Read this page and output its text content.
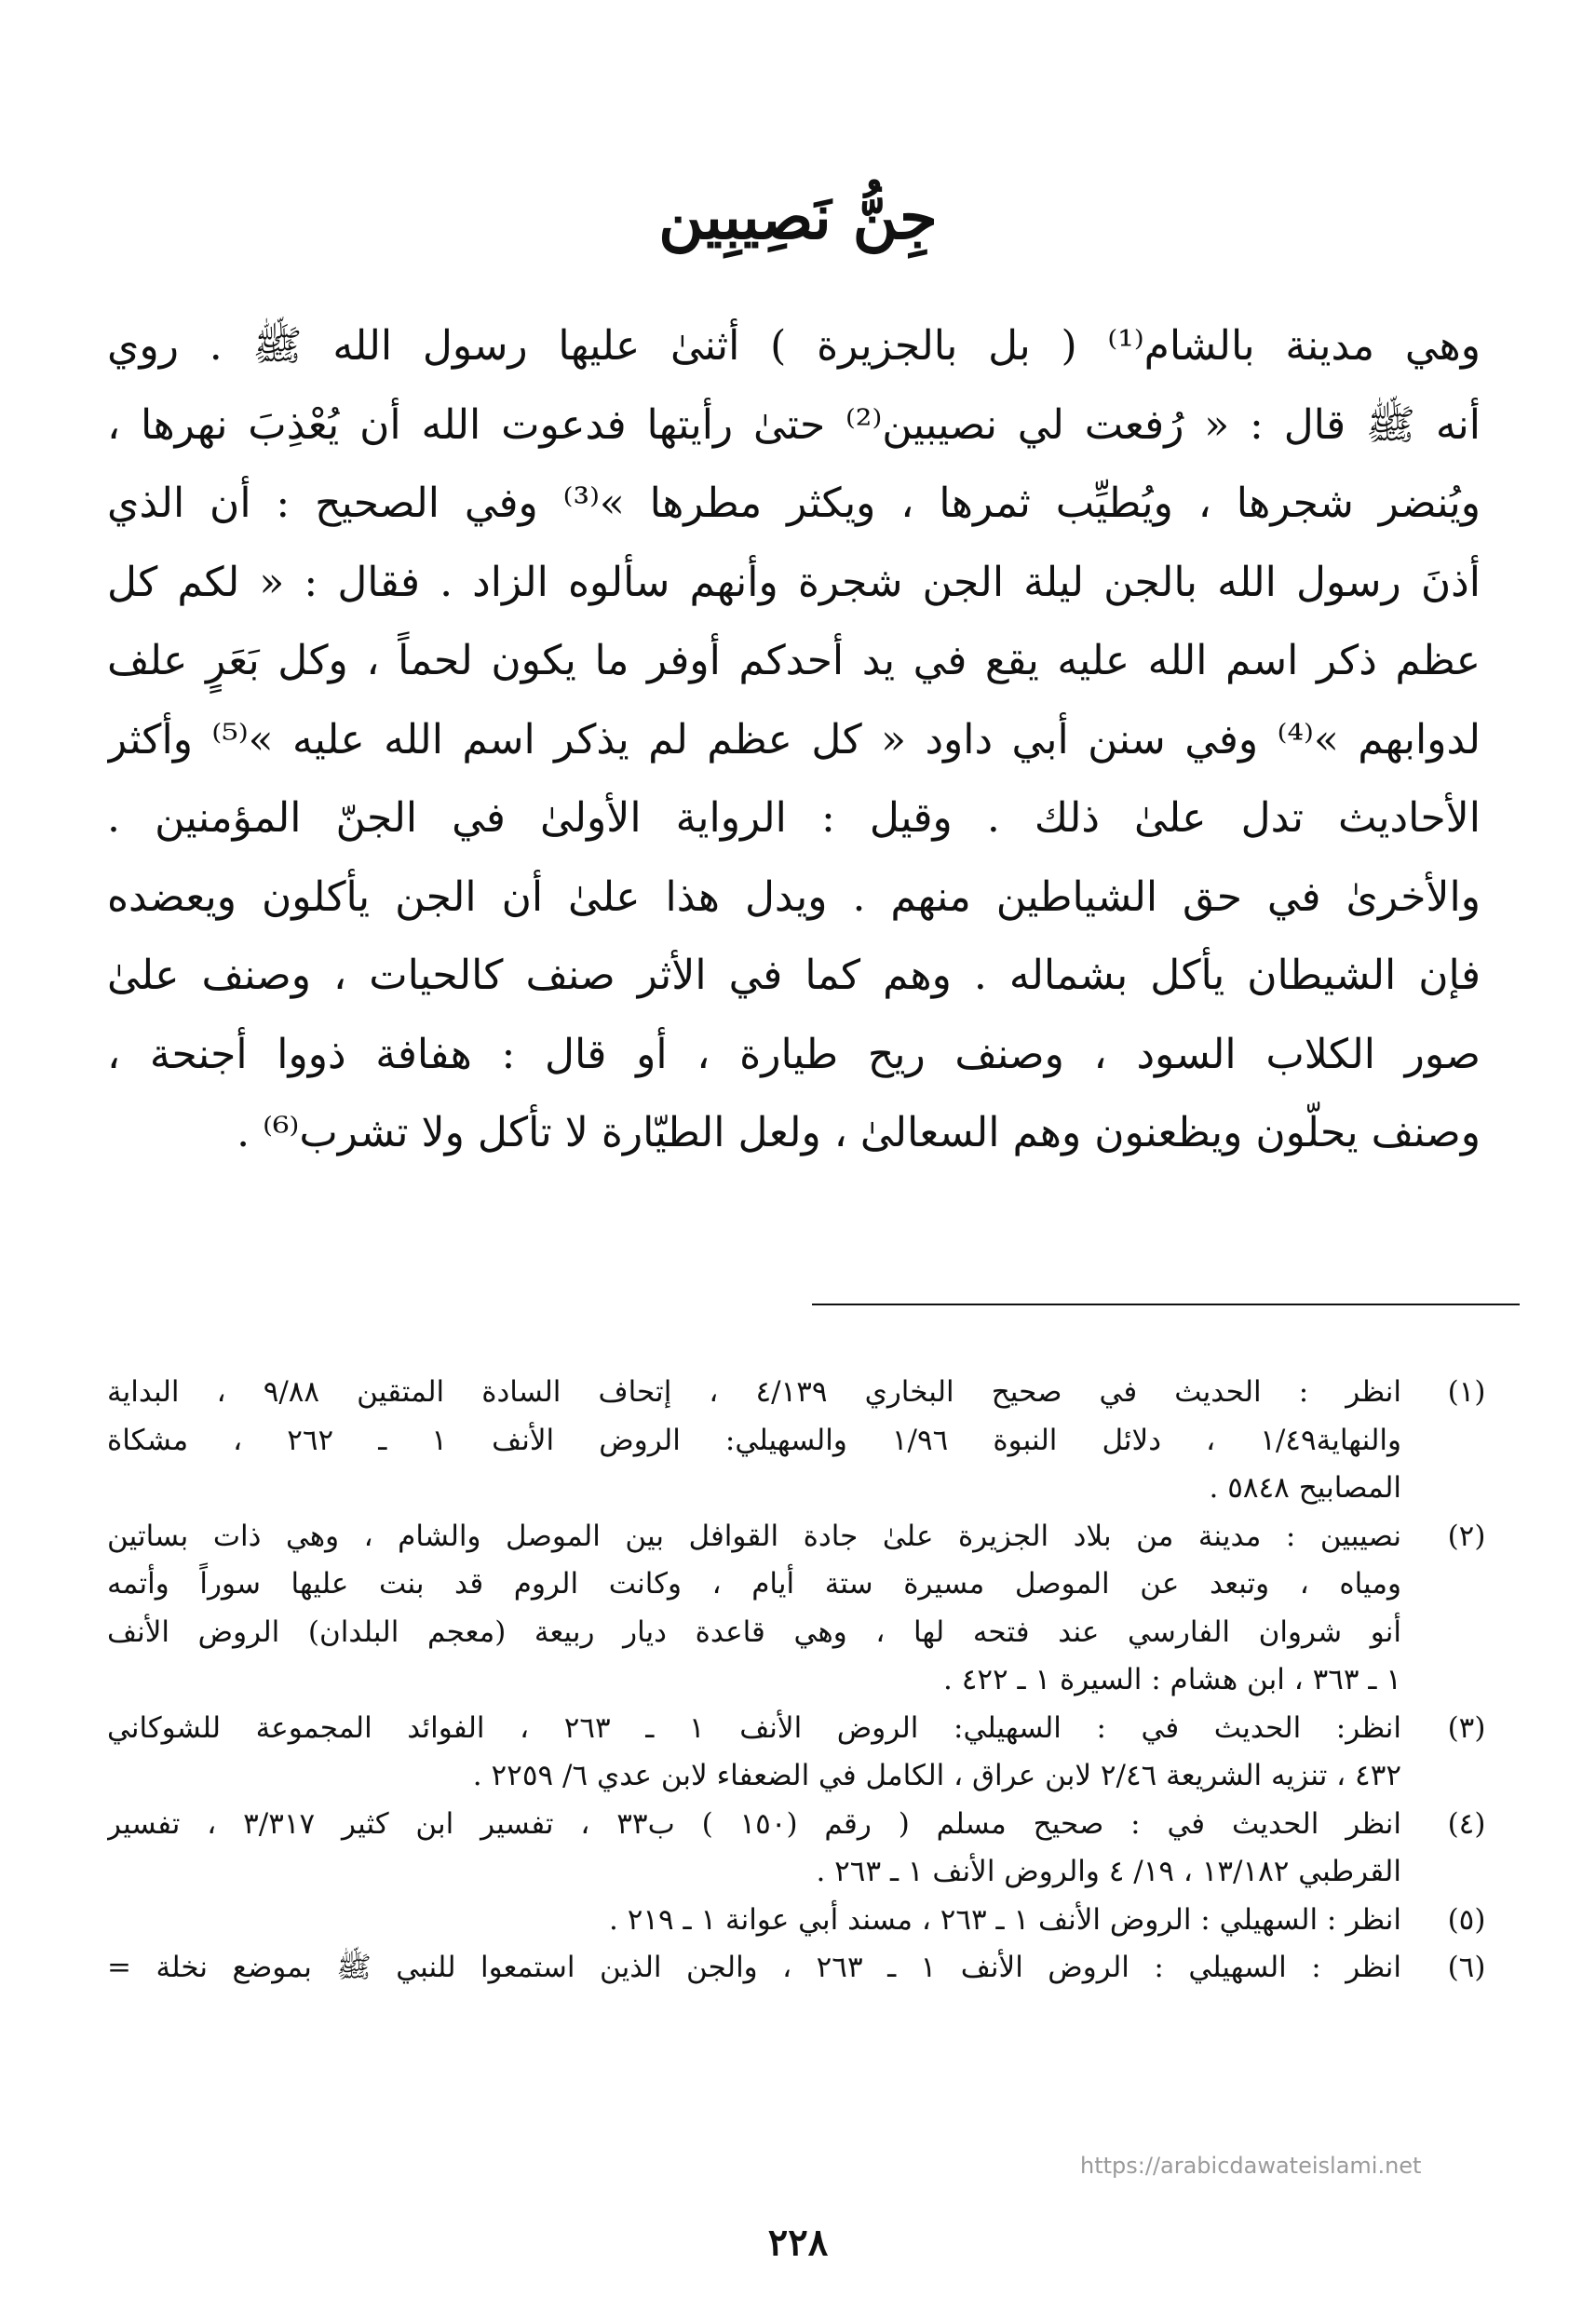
جِنُّ نَصِيبِين
وهي مدينة بالشام⁽¹⁾ ( بل بالجزيرة ) أثنىٰ عليها رسول الله ﷺ . روي
أنه ﷺ قال : « رُفعت لي نصيبين⁽²⁾ حتىٰ رأيتها فدعوت الله أن يُعْذِبَ نهرها ،
ويُنضر شجرها ، ويُطيِّب ثمرها ، ويكثر مطرها »⁽³⁾ وفي الصحيح : أن الذي
أذنَ رسول الله بالجن ليلة الجن شجرة وأنهم سألوه الزاد . فقال : « لكم كل
عظم ذكر اسم الله عليه يقع في يد أحدكم أوفر ما يكون لحماً ، وكل بَعَرٍ علف
لدوابهم »⁽⁴⁾ وفي سنن أبي داود « كل عظم لم يذكر اسم الله عليه »⁽⁵⁾ وأكثر
الأحاديث تدل علىٰ ذلك . وقيل : الرواية الأولىٰ في الجنّ المؤمنين .
والأخرىٰ في حق الشياطين منهم . ويدل هذا علىٰ أن الجن يأكلون ويعضده
فإن الشيطان يأكل بشماله . وهم كما في الأثر صنف كالحيات ، وصنف علىٰ
صور الكلاب السود ، وصنف ريح طيارة ، أو قال : هفافة ذووا أجنحة ،
وصنف يحلّون ويظعنون وهم السعالىٰ ، ولعل الطيّارة لا تأكل ولا تشرب⁽⁶⁾ .
(١)
انظر : الحديث في صحيح البخاري ٤/١٣٩ ، إتحاف السادة المتقين ٩/٨٨ ، البداية
والنهاية١/٤٩ ، دلائل النبوة ١/٩٦ والسهيلي: الروض الأنف ١ ـ ٢٦٢ ، مشكاة
المصابيح ٥٨٤٨ .
(٢)
نصيبين : مدينة من بلاد الجزيرة علىٰ جادة القوافل بين الموصل والشام ، وهي ذات بساتين
ومياه ، وتبعد عن الموصل مسيرة ستة أيام ، وكانت الروم قد بنت عليها سوراً وأتمه
أنو شروان الفارسي عند فتحه لها ، وهي قاعدة ديار ربيعة (معجم البلدان) الروض الأنف
١ ـ ٣٦٣ ، ابن هشام : السيرة ١ ـ ٤٢٢ .
(٣)
انظر: الحديث في : السهيلي: الروض الأنف ١ ـ ٢٦٣ ، الفوائد المجموعة للشوكاني
٤٣٢ ، تنزيه الشريعة ٢/٤٦ لابن عراق ، الكامل في الضعفاء لابن عدي ٦/ ٢٢٥٩ .
(٤)
انظر الحديث في : صحيح مسلم ( رقم (١٥٠ ) ب٣٣ ، تفسير ابن كثير ٣/٣١٧ ، تفسير
القرطبي ١٣/١٨٢ ، ١٩/ ٤ والروض الأنف ١ ـ ٢٦٣ .
(٥)
انظر : السهيلي : الروض الأنف ١ ـ ٢٦٣ ، مسند أبي عوانة ١ ـ ٢١٩ .
(٦)
انظر : السهيلي : الروض الأنف ١ ـ ٢٦٣ ، والجن الذين استمعوا للنبي ﷺ بموضع نخلة =
https://arabicdawateislami.net
٢٢٨
